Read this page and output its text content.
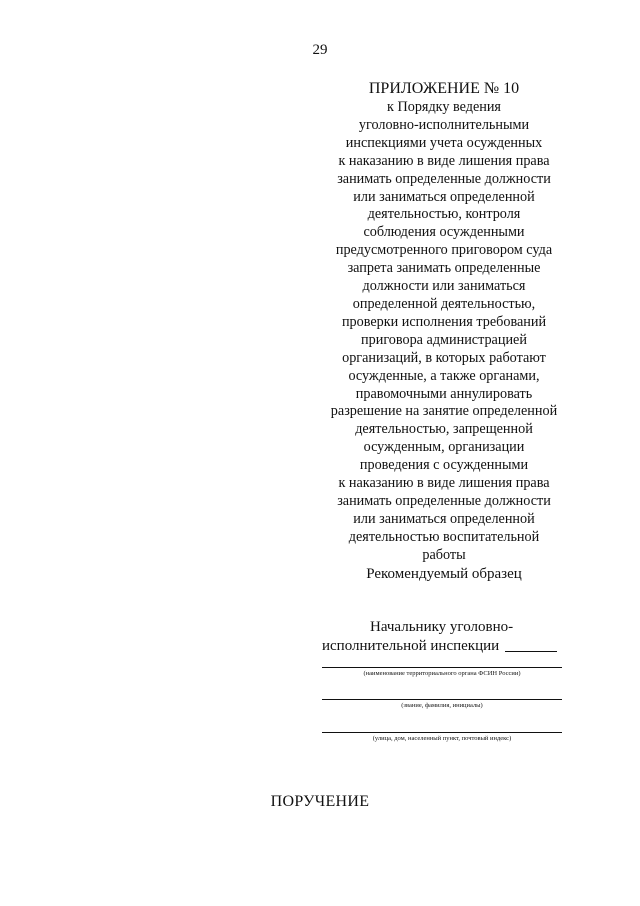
29
ПРИЛОЖЕНИЕ № 10
к Порядку ведения
уголовно-исполнительными
инспекциями учета осужденных
к наказанию в виде лишения права
занимать определенные должности
или заниматься определенной
деятельностью, контроля
соблюдения осужденными
предусмотренного приговором суда
запрета занимать определенные
должности или заниматься
определенной деятельностью,
проверки исполнения требований
приговора администрацией
организаций, в которых работают
осужденные, а также органами,
правомочными аннулировать
разрешение на занятие определенной
деятельностью, запрещенной
осужденным, организации
проведения с осужденными
к наказанию в виде лишения права
занимать определенные должности
или заниматься определенной
деятельностью воспитательной
работы
Рекомендуемый образец
Начальнику уголовно-
исполнительной инспекции
(наименование территориального органа ФСИН России)
(звание, фамилия, инициалы)
(улица, дом, населенный пункт, почтовый индекс)
ПОРУЧЕНИЕ
